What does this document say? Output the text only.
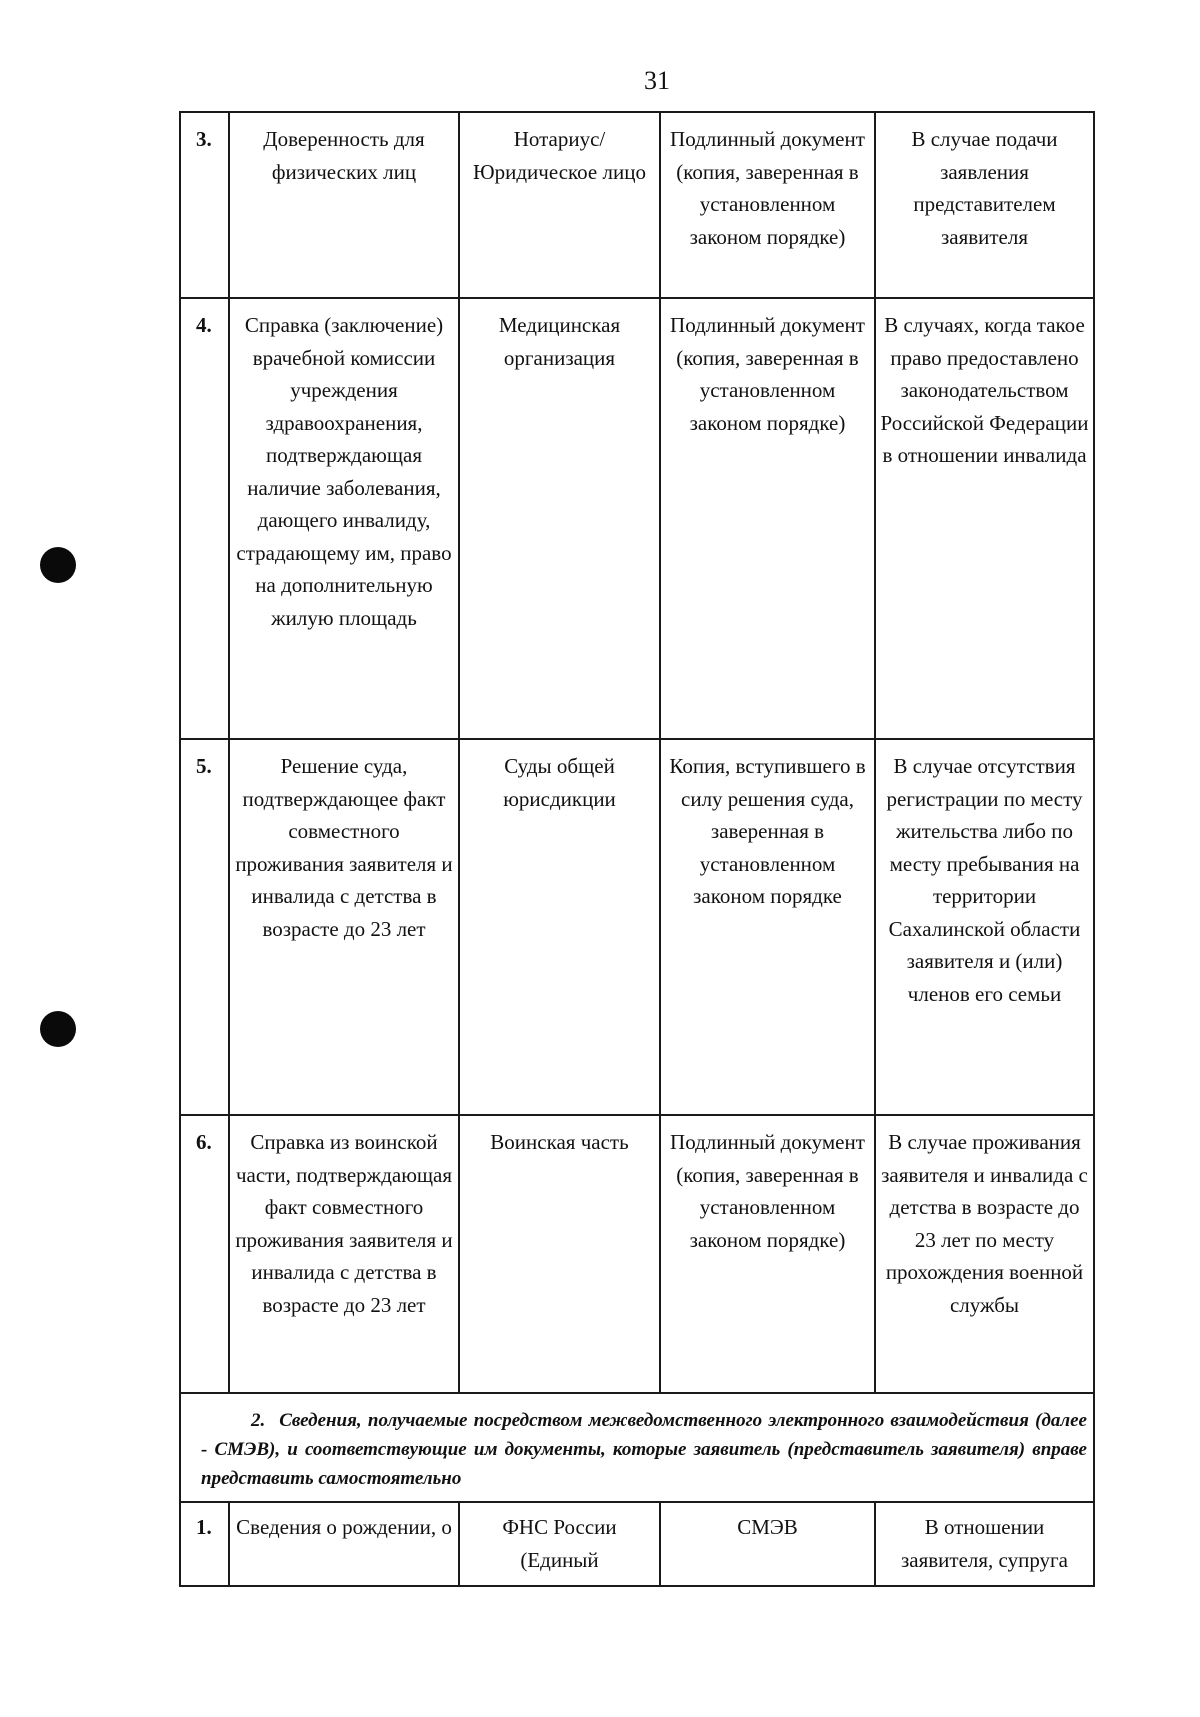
31
3.	Доверенность для физических лиц	Нотариус/ Юридическое лицо	Подлинный документ (копия, заверенная в установленном законом порядке)	В случае подачи заявления представителем заявителя
4.	Справка (заключение) врачебной комиссии учреждения здравоохранения, подтверждающая наличие заболевания, дающего инвалиду, страдающему им, право на дополнительную жилую площадь	Медицинская организация	Подлинный документ (копия, заверенная в установленном законом порядке)	В случаях, когда такое право предоставлено законодательством Российской Федерации в отношении инвалида
5.	Решение суда, подтверждающее факт совместного проживания заявителя и инвалида с детства в возрасте до 23 лет	Суды общей юрисдикции	Копия, вступившего в силу решения суда, заверенная в установленном законом порядке	В случае отсутствия регистрации по месту жительства либо по месту пребывания на территории Сахалинской области заявителя и (или) членов его семьи
6.	Справка из воинской части, подтверждающая факт совместного проживания заявителя и инвалида с детства в возрасте до 23 лет	Воинская часть	Подлинный документ (копия, заверенная в установленном законом порядке)	В случае проживания заявителя и инвалида с детства в возрасте до 23 лет по месту прохождения военной службы
2. Сведения, получаемые посредством межведомственного электронного взаимодействия (далее - СМЭВ), и соответствующие им документы, которые заявитель (представитель заявителя) вправе представить самостоятельно				
1.	Сведения о рождении, о	ФНС России (Единый	СМЭВ	В отношении заявителя, супруга
